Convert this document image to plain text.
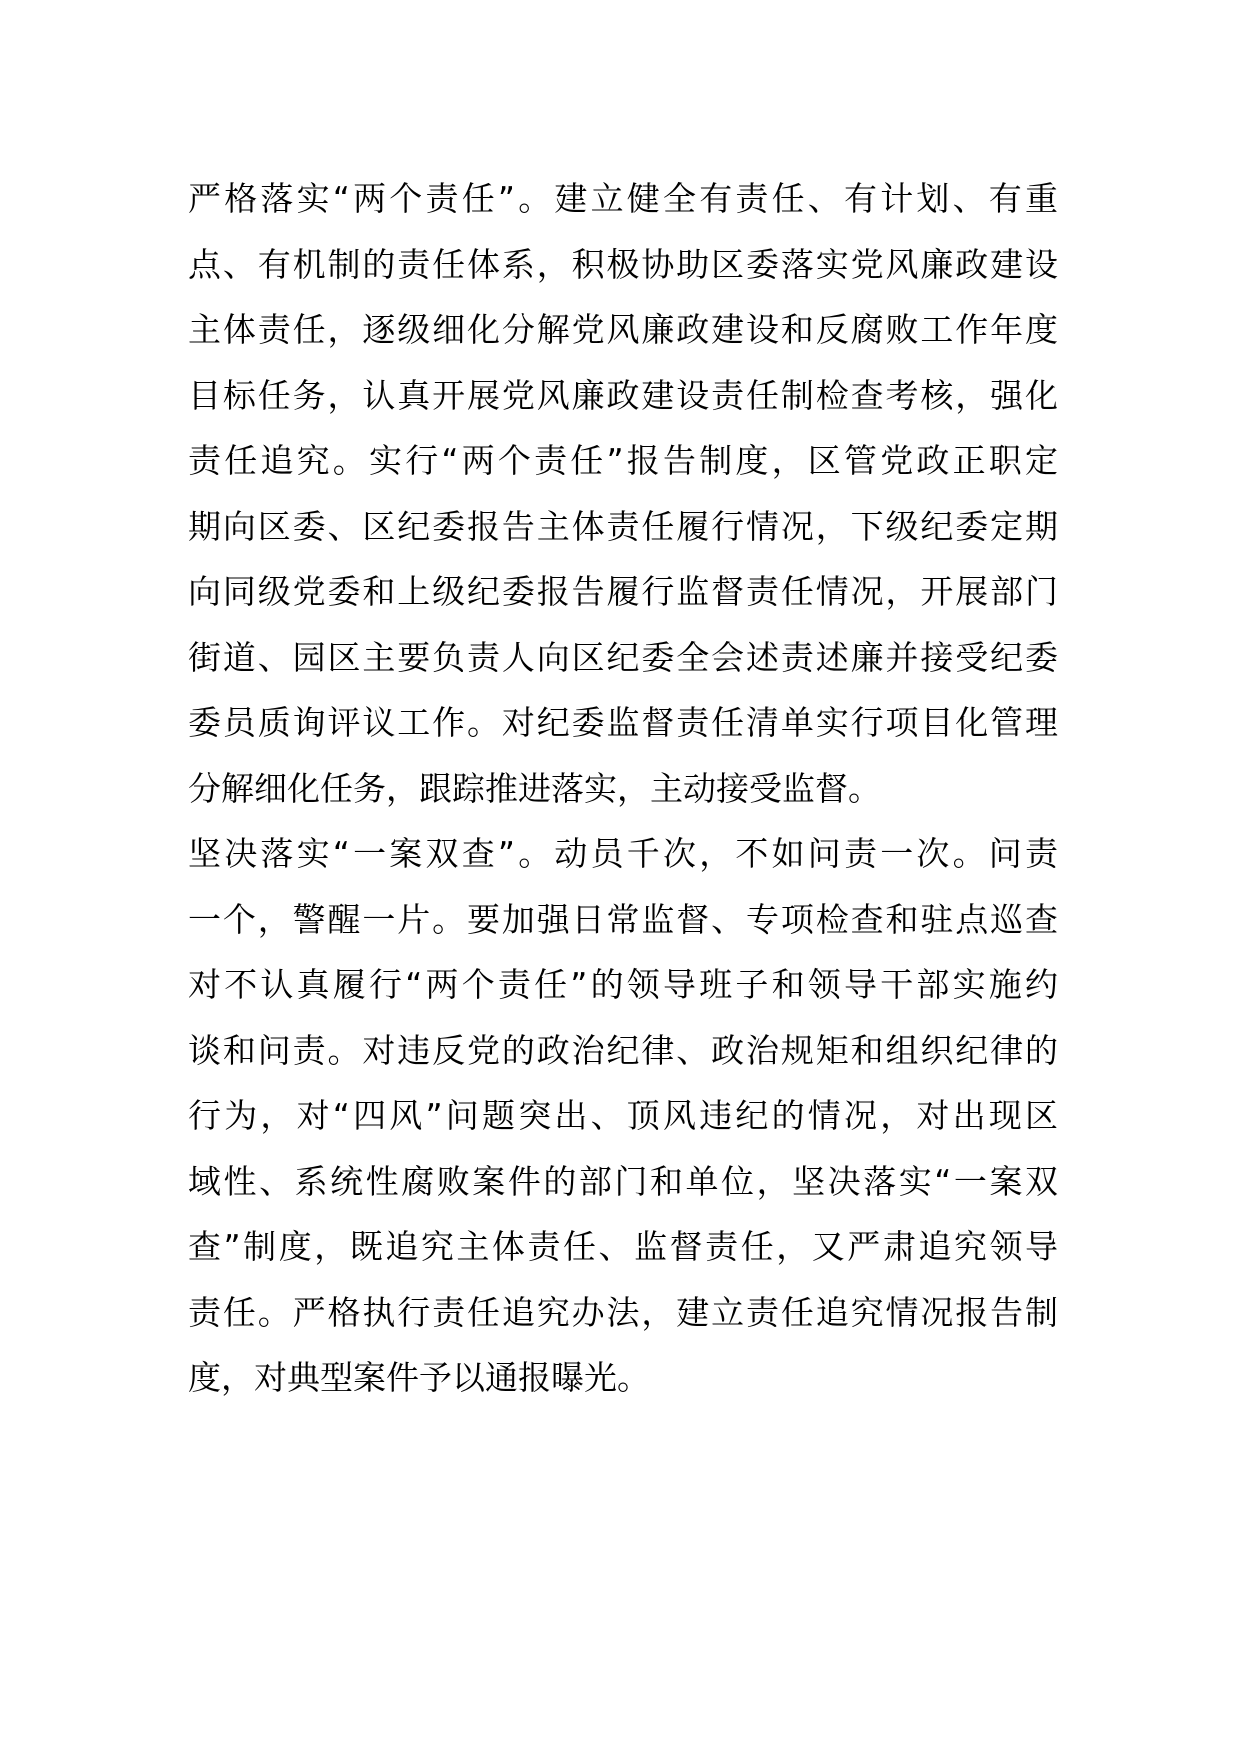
严格落实“两个责任”。建立健全有责任、有计划、有重
点、有机制的责任体系，积极协助区委落实党风廉政建设
主体责任，逐级细化分解党风廉政建设和反腐败工作年度
目标任务，认真开展党风廉政建设责任制检查考核，强化
责任追究。实行“两个责任”报告制度，区管党政正职定
期向区委、区纪委报告主体责任履行情况，下级纪委定期
向同级党委和上级纪委报告履行监督责任情况，开展部门
街道、园区主要负责人向区纪委全会述责述廉并接受纪委
委员质询评议工作。对纪委监督责任清单实行项目化管理
分解细化任务，跟踪推进落实，主动接受监督。
坚决落实“一案双查”。动员千次，不如问责一次。问责
一个，警醒一片。要加强日常监督、专项检查和驻点巡查
对不认真履行“两个责任”的领导班子和领导干部实施约
谈和问责。对违反党的政治纪律、政治规矩和组织纪律的
行为，对“四风”问题突出、顶风违纪的情况，对出现区
域性、系统性腐败案件的部门和单位，坚决落实“一案双
查”制度，既追究主体责任、监督责任，又严肃追究领导
责任。严格执行责任追究办法，建立责任追究情况报告制
度，对典型案件予以通报曝光。
